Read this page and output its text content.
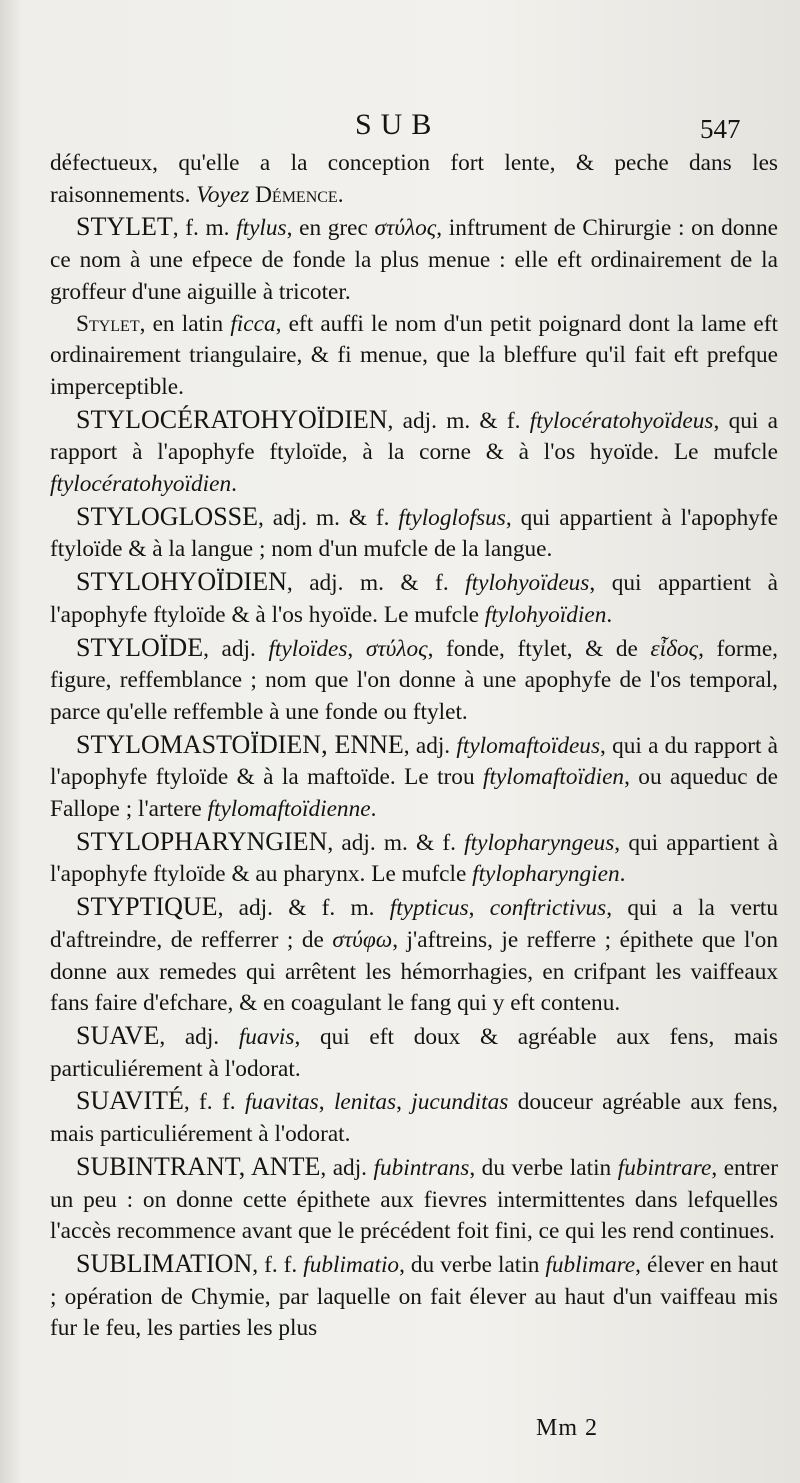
SUB	547

défectueux, qu'elle a la conception fort lente, & peche dans les raisonnements. Voyez Démence.

STYLET, f. m. ftylus, en grec στύλος, inftrument de Chirurgie : on donne ce nom à une efpece de fonde la plus menue : elle eft ordinairement de la groffeur d'une aiguille à tricoter.

Stylet, en latin ficca, eft auffi le nom d'un petit poignard dont la lame eft ordinairement triangulaire, & fi menue, que la bleffure qu'il fait eft prefque imperceptible.

STYLOCÉRATOHYOÏDIEN, adj. m. & f. ftylocératohyoïdeus, qui a rapport à l'apophyfe ftyloïde, à la corne & à l'os hyoïde. Le mufcle ftylocératohyoïdien.

STYLOGLOSSE, adj. m. & f. ftyloglofsus, qui appartient à l'apophyfe ftyloïde & à la langue ; nom d'un mufcle de la langue.

STYLOHYOÏDIEN, adj. m. & f. ftylohyoïdeus, qui appartient à l'apophyfe ftyloïde & à l'os hyoïde. Le mufcle ftylohyoïdien.

STYLOÏDE, adj. ftyloïdes, στύλος, fonde, ftylet, & de εἶδος, forme, figure, reffemblance ; nom que l'on donne à une apophyfe de l'os temporal, parce qu'elle reffemble à une fonde ou ftylet.

STYLOMASTOÏDIEN, ENNE, adj. ftylomaftoïdeus, qui a du rapport à l'apophyfe ftyloïde & à la maftoïde. Le trou ftylomaftoïdien, ou aqueduc de Fallope ; l'artere ftylomaftoïdienne.

STYLOPHARYNGIEN, adj. m. & f. ftylopharyngeus, qui appartient à l'apophyfe ftyloïde & au pharynx. Le mufcle ftylopharyngien.

STYPTIQUE, adj. & f. m. ftypticus, conftrictivus, qui a la vertu d'aftreindre, de refferrer ; de στύφω, j'aftreins, je refferre ; épithete que l'on donne aux remedes qui arrêtent les hémorrhagies, en crifpant les vaiffeaux fans faire d'efchare, & en coagulant le fang qui y eft contenu.

SUAVE, adj. fuavis, qui eft doux & agréable aux fens, mais particuliérement à l'odorat.

SUAVITÉ, f. f. fuavitas, lenitas, jucunditas douceur agréable aux fens, mais particuliérement à l'odorat.

SUBINTRANT, ANTE, adj. fubintrans, du verbe latin fubintrare, entrer un peu : on donne cette épithete aux fievres intermittentes dans lefquelles l'accès recommence avant que le précédent foit fini, ce qui les rend continues.

SUBLIMATION, f. f. fublimatio, du verbe latin fublimare, élever en haut ; opération de Chymie, par laquelle on fait élever au haut d'un vaiffeau mis fur le feu, les parties les plus

Mm 2
